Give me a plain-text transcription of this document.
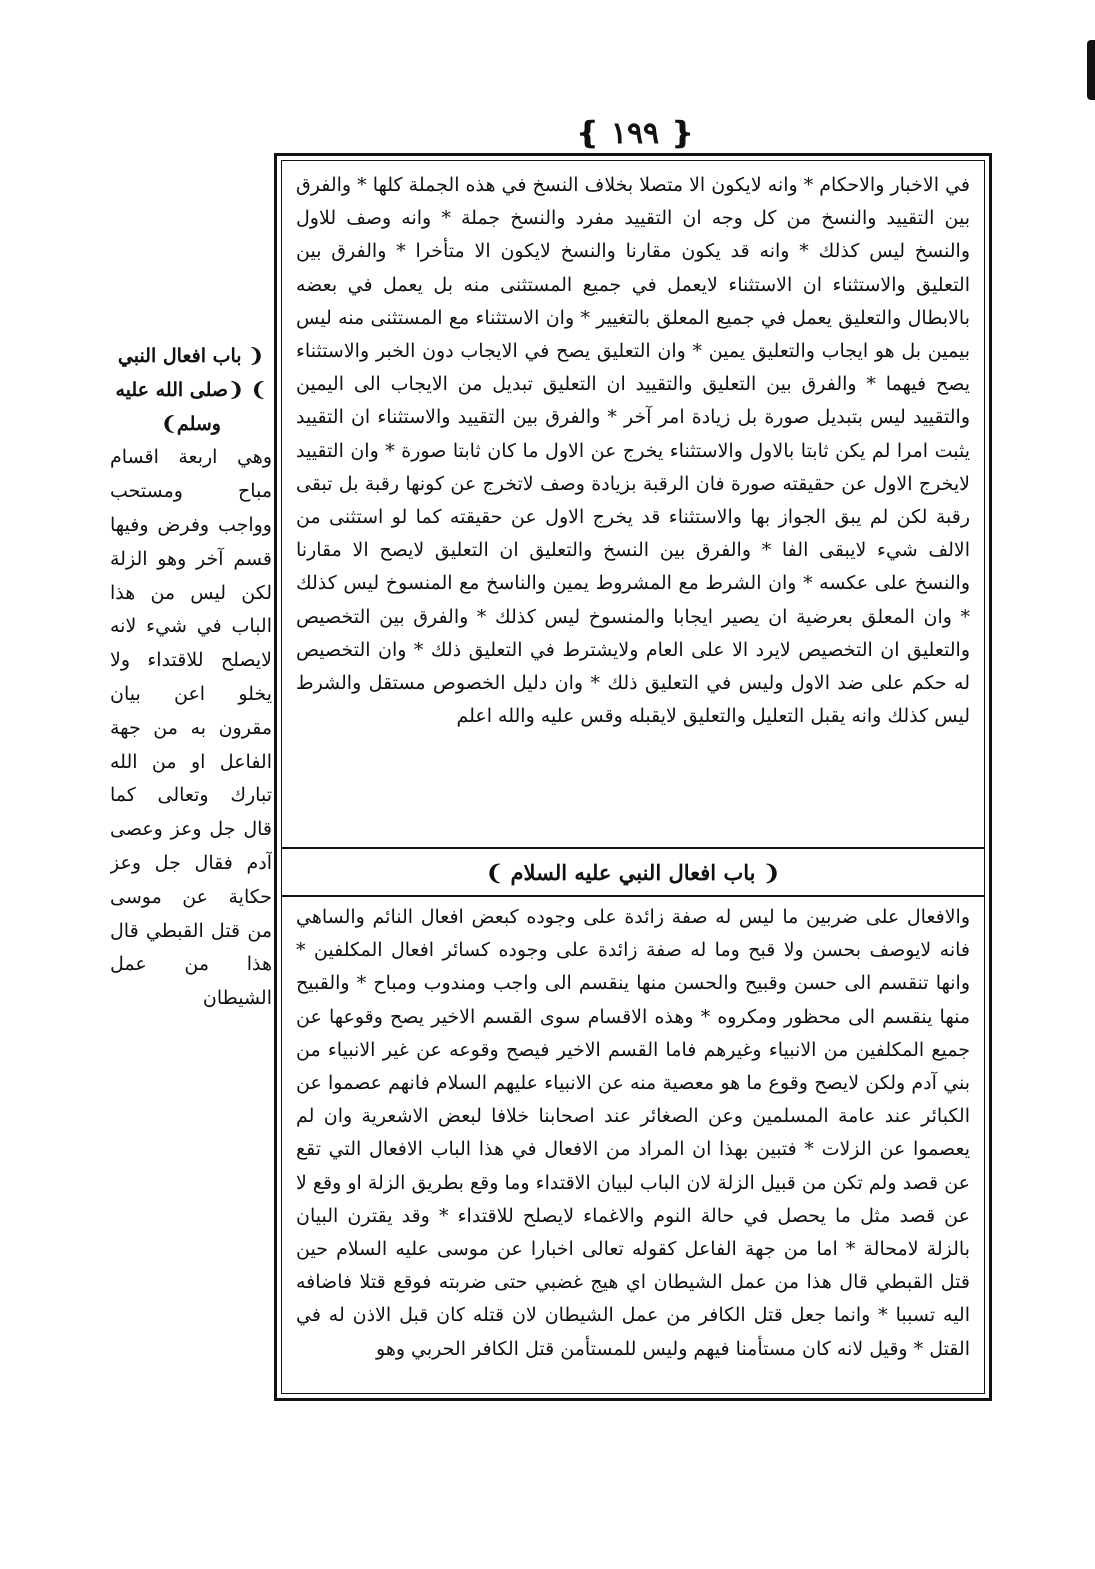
❴ ١٩٩ ❵
❨ باب افعال النبي ❩ ❨صلى الله عليه وسلم❩
وهي اربعة اقسام مباح ومستحب وواجب وفرض وفيها قسم آخر وهو الزلة لكن ليس من هذا الباب في شيء لانه لايصلح للاقتداء ولا يخلو اعن بيان مقرون به من جهة الفاعل او من الله تبارك وتعالى كما قال جل وعز وعصى آدم فقال جل وعز حكاية عن موسى من قتل القبطي قال هذا من عمل الشيطان
في الاخبار والاحكام * وانه لايكون الا متصلا بخلاف النسخ في هذه الجملة كلها * والفرق بين التقييد والنسخ من كل وجه ان التقييد مفرد والنسخ جملة * وانه وصف للاول والنسخ ليس كذلك * وانه قد يكون مقارنا والنسخ لايكون الا متأخرا * والفرق بين التعليق والاستثناء ان الاستثناء لايعمل في جميع المستثنى منه بل يعمل في بعضه بالابطال والتعليق يعمل في جميع المعلق بالتغيير * وان الاستثناء مع المستثنى منه ليس بيمين بل هو ايجاب والتعليق يمين * وان التعليق يصح في الايجاب دون الخبر والاستثناء يصح فيهما * والفرق بين التعليق والتقييد ان التعليق تبديل من الايجاب الى اليمين والتقييد ليس بتبديل صورة بل زيادة امر آخر * والفرق بين التقييد والاستثناء ان التقييد يثبت امرا لم يكن ثابتا بالاول والاستثناء يخرج عن الاول ما كان ثابتا صورة * وان التقييد لايخرج الاول عن حقيقته صورة فان الرقبة بزيادة وصف لاتخرج عن كونها رقبة بل تبقى رقبة لكن لم يبق الجواز بها والاستثناء قد يخرج الاول عن حقيقته كما لو استثنى من الالف شيء لايبقى الفا * والفرق بين النسخ والتعليق ان التعليق لايصح الا مقارنا والنسخ على عكسه * وان الشرط مع المشروط يمين والناسخ مع المنسوخ ليس كذلك * وان المعلق بعرضية ان يصير ايجابا والمنسوخ ليس كذلك * والفرق بين التخصيص والتعليق ان التخصيص لايرد الا على العام ولايشترط في التعليق ذلك * وان التخصيص له حكم على ضد الاول وليس في التعليق ذلك * وان دليل الخصوص مستقل والشرط ليس كذلك وانه يقبل التعليل والتعليق لايقبله وقس عليه والله اعلم
❨ باب افعال النبي عليه السلام ❩
والافعال على ضربين ما ليس له صفة زائدة على وجوده كبعض افعال النائم والساهي فانه لايوصف بحسن ولا قبح وما له صفة زائدة على وجوده كسائر افعال المكلفين * وانها تنقسم الى حسن وقبيح والحسن منها ينقسم الى واجب ومندوب ومباح * والقبيح منها ينقسم الى محظور ومكروه * وهذه الاقسام سوى القسم الاخير يصح وقوعها عن جميع المكلفين من الانبياء وغيرهم فاما القسم الاخير فيصح وقوعه عن غير الانبياء من بني آدم ولكن لايصح وقوع ما هو معصية منه عن الانبياء عليهم السلام فانهم عصموا عن الكبائر عند عامة المسلمين وعن الصغائر عند اصحابنا خلافا لبعض الاشعرية وان لم يعصموا عن الزلات * فتبين بهذا ان المراد من الافعال في هذا الباب الافعال التي تقع عن قصد ولم تكن من قبيل الزلة لان الباب لبيان الاقتداء وما وقع بطريق الزلة او وقع لا عن قصد مثل ما يحصل في حالة النوم والاغماء لايصلح للاقتداء * وقد يقترن البيان بالزلة لامحالة * اما من جهة الفاعل كقوله تعالى اخبارا عن موسى عليه السلام حين قتل القبطي قال هذا من عمل الشيطان اي هيج غضبي حتى ضربته فوقع قتلا فاضافه اليه تسببا * وانما جعل قتل الكافر من عمل الشيطان لان قتله كان قبل الاذن له في القتل * وقيل لانه كان مستأمنا فيهم وليس للمستأمن قتل الكافر الحربي وهو
